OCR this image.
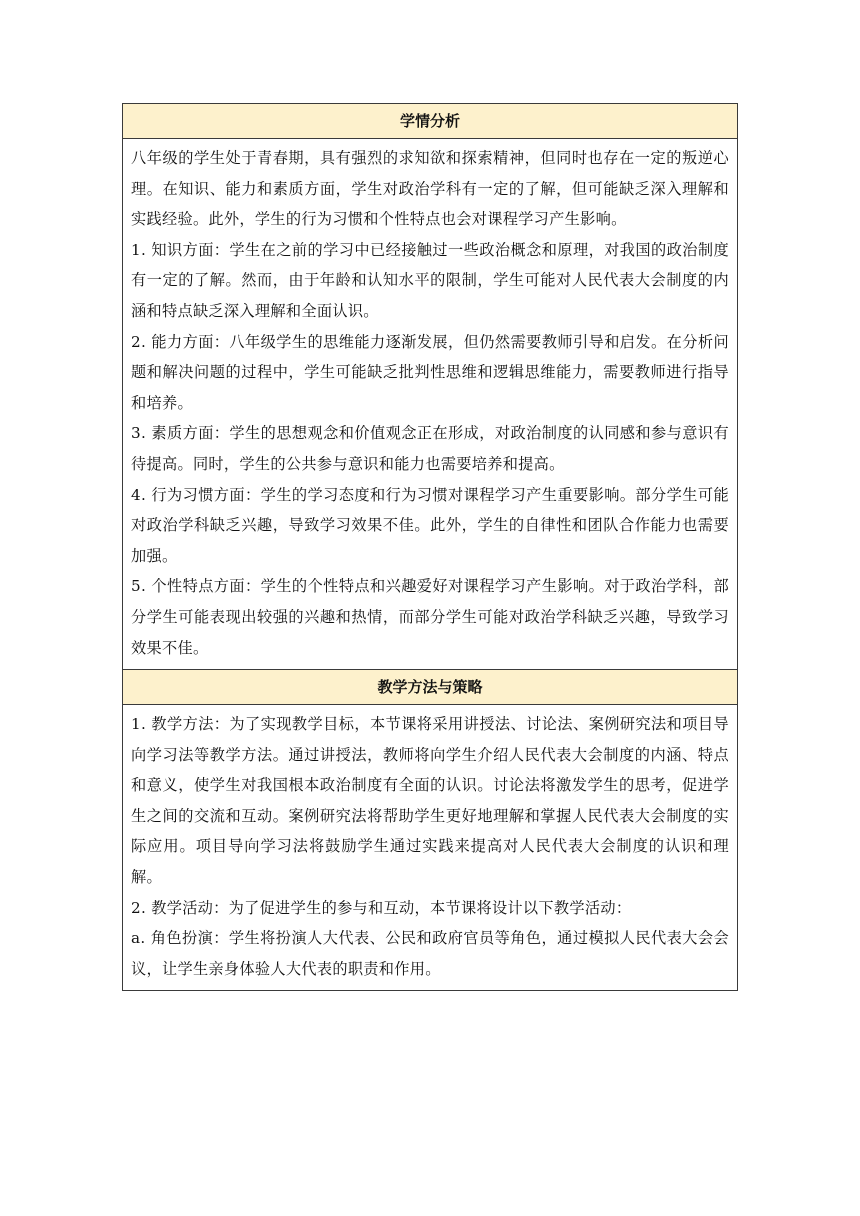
学情分析

八年级的学生处于青春期，具有强烈的求知欲和探索精神，但同时也存在一定的叛逆心理。在知识、能力和素质方面，学生对政治学科有一定的了解，但可能缺乏深入理解和实践经验。此外，学生的行为习惯和个性特点也会对课程学习产生影响。

1. 知识方面：学生在之前的学习中已经接触过一些政治概念和原理，对我国的政治制度有一定的了解。然而，由于年龄和认知水平的限制，学生可能对人民代表大会制度的内涵和特点缺乏深入理解和全面认识。

2. 能力方面：八年级学生的思维能力逐渐发展，但仍然需要教师引导和启发。在分析问题和解决问题的过程中，学生可能缺乏批判性思维和逻辑思维能力，需要教师进行指导和培养。

3. 素质方面：学生的思想观念和价值观念正在形成，对政治制度的认同感和参与意识有待提高。同时，学生的公共参与意识和能力也需要培养和提高。

4. 行为习惯方面：学生的学习态度和行为习惯对课程学习产生重要影响。部分学生可能对政治学科缺乏兴趣，导致学习效果不佳。此外，学生的自律性和团队合作能力也需要加强。

5. 个性特点方面：学生的个性特点和兴趣爱好对课程学习产生影响。对于政治学科，部分学生可能表现出较强的兴趣和热情，而部分学生可能对政治学科缺乏兴趣，导致学习效果不佳。

教学方法与策略

1. 教学方法：为了实现教学目标，本节课将采用讲授法、讨论法、案例研究法和项目导向学习法等教学方法。通过讲授法，教师将向学生介绍人民代表大会制度的内涵、特点和意义，使学生对我国根本政治制度有全面的认识。讨论法将激发学生的思考，促进学生之间的交流和互动。案例研究法将帮助学生更好地理解和掌握人民代表大会制度的实际应用。项目导向学习法将鼓励学生通过实践来提高对人民代表大会制度的认识和理解。

2. 教学活动：为了促进学生的参与和互动，本节课将设计以下教学活动：

a. 角色扮演：学生将扮演人大代表、公民和政府官员等角色，通过模拟人民代表大会会议，让学生亲身体验人大代表的职责和作用。
